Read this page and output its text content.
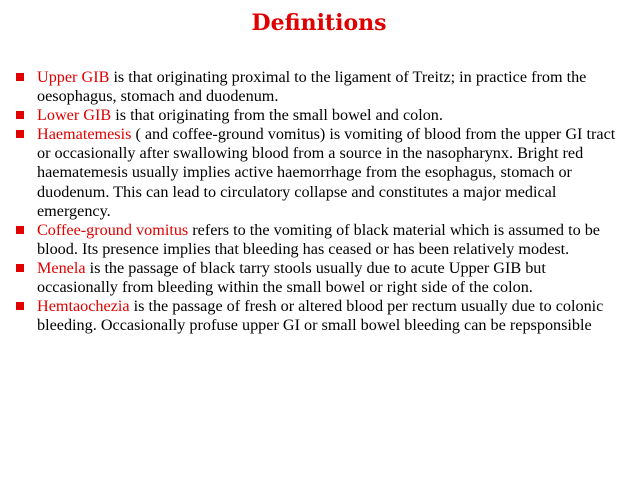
Definitions
Upper GIB is that originating proximal to the ligament of Treitz; in practice from the oesophagus, stomach and duodenum.
Lower GIB is that originating from the small bowel and colon.
Haematemesis ( and coffee-ground vomitus) is vomiting of blood from the upper GI tract or occasionally after swallowing blood from a source in the nasopharynx. Bright red haematemesis usually implies active haemorrhage from the esophagus, stomach or duodenum. This can lead to circulatory collapse and constitutes a major medical emergency.
Coffee-ground vomitus refers to the vomiting of black material which is assumed to be blood. Its presence implies that bleeding has ceased or has been relatively modest.
Menela is the passage of black tarry stools usually due to acute Upper GIB but occasionally from bleeding within the small bowel or right side of the colon.
Hemtaochezia is the passage of fresh or altered blood per rectum usually due to colonic bleeding. Occasionally profuse upper GI or small bowel bleeding can be repsponsible
